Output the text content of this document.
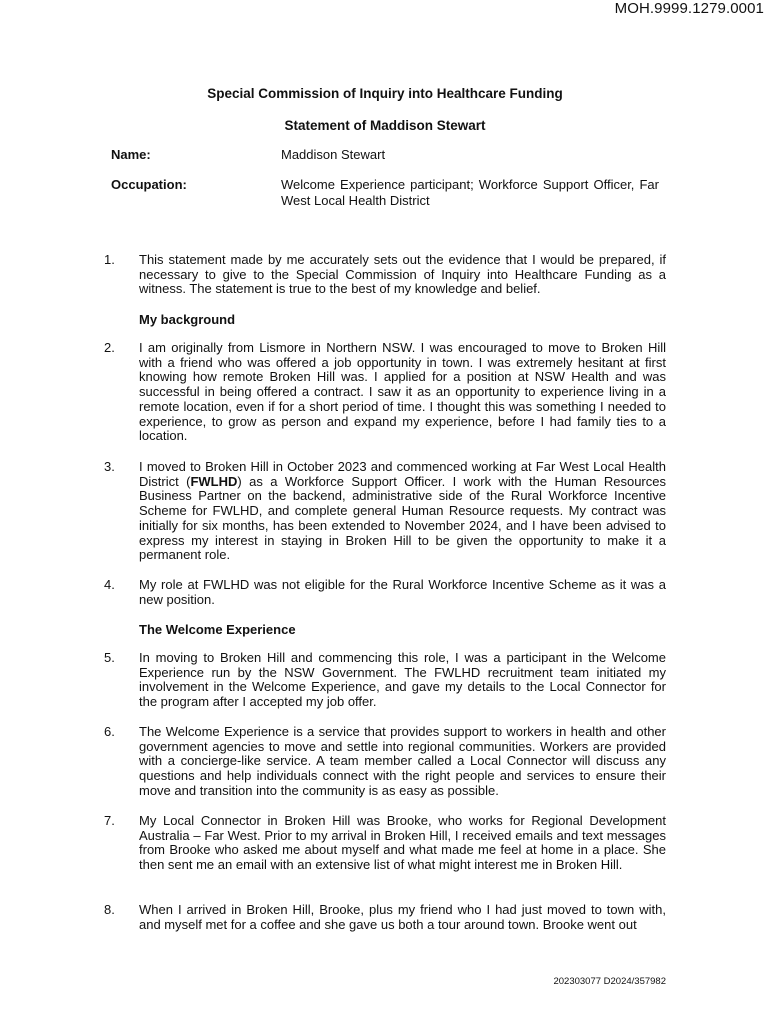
MOH.9999.1279.0001
Special Commission of Inquiry into Healthcare Funding
Statement of Maddison Stewart
Name:	Maddison Stewart
Occupation:	Welcome Experience participant; Workforce Support Officer, Far West Local Health District
1. This statement made by me accurately sets out the evidence that I would be prepared, if necessary to give to the Special Commission of Inquiry into Healthcare Funding as a witness. The statement is true to the best of my knowledge and belief.
My background
2. I am originally from Lismore in Northern NSW. I was encouraged to move to Broken Hill with a friend who was offered a job opportunity in town. I was extremely hesitant at first knowing how remote Broken Hill was. I applied for a position at NSW Health and was successful in being offered a contract. I saw it as an opportunity to experience living in a remote location, even if for a short period of time. I thought this was something I needed to experience, to grow as person and expand my experience, before I had family ties to a location.
3. I moved to Broken Hill in October 2023 and commenced working at Far West Local Health District (FWLHD) as a Workforce Support Officer. I work with the Human Resources Business Partner on the backend, administrative side of the Rural Workforce Incentive Scheme for FWLHD, and complete general Human Resource requests. My contract was initially for six months, has been extended to November 2024, and I have been advised to express my interest in staying in Broken Hill to be given the opportunity to make it a permanent role.
4. My role at FWLHD was not eligible for the Rural Workforce Incentive Scheme as it was a new position.
The Welcome Experience
5. In moving to Broken Hill and commencing this role, I was a participant in the Welcome Experience run by the NSW Government. The FWLHD recruitment team initiated my involvement in the Welcome Experience, and gave my details to the Local Connector for the program after I accepted my job offer.
6. The Welcome Experience is a service that provides support to workers in health and other government agencies to move and settle into regional communities. Workers are provided with a concierge-like service. A team member called a Local Connector will discuss any questions and help individuals connect with the right people and services to ensure their move and transition into the community is as easy as possible.
7. My Local Connector in Broken Hill was Brooke, who works for Regional Development Australia – Far West. Prior to my arrival in Broken Hill, I received emails and text messages from Brooke who asked me about myself and what made me feel at home in a place. She then sent me an email with an extensive list of what might interest me in Broken Hill.
8. When I arrived in Broken Hill, Brooke, plus my friend who I had just moved to town with, and myself met for a coffee and she gave us both a tour around town. Brooke went out
202303077 D2024/357982
